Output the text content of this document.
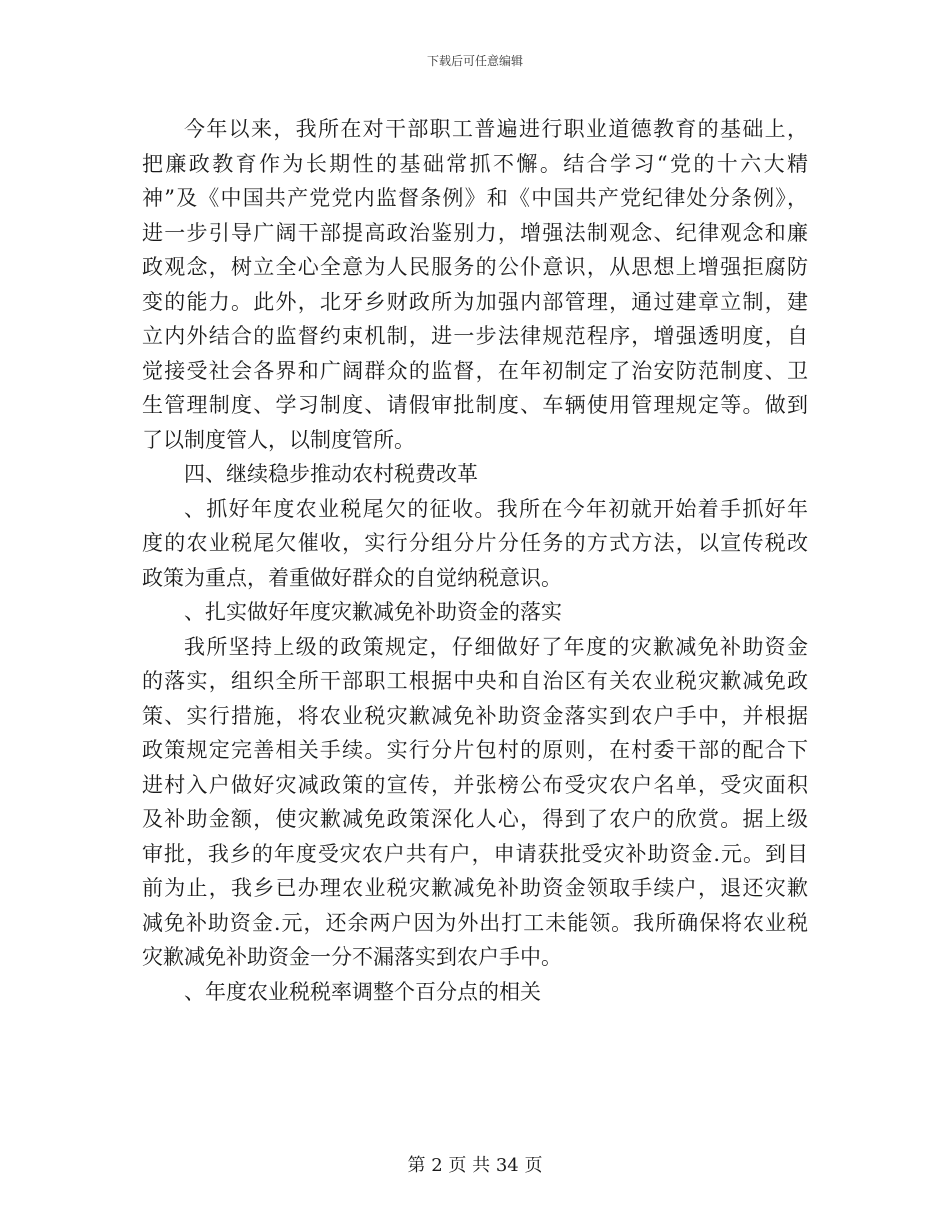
下载后可任意编辑
今年以来，我所在对干部职工普遍进行职业道德教育的基础上，
把廉政教育作为长期性的基础常抓不懈。结合学习“党的十六大精
神”及《中国共产党党内监督条例》和《中国共产党纪律处分条例》，
进一步引导广阔干部提高政治鉴别力，增强法制观念、纪律观念和廉
政观念，树立全心全意为人民服务的公仆意识，从思想上增强拒腐防
变的能力。此外，北牙乡财政所为加强内部管理，通过建章立制，建
立内外结合的监督约束机制，进一步法律规范程序，增强透明度，自
觉接受社会各界和广阔群众的监督，在年初制定了治安防范制度、卫
生管理制度、学习制度、请假审批制度、车辆使用管理规定等。做到
了以制度管人，以制度管所。
四、继续稳步推动农村税费改革
、抓好年度农业税尾欠的征收。我所在今年初就开始着手抓好年
度的农业税尾欠催收，实行分组分片分任务的方式方法，以宣传税改
政策为重点，着重做好群众的自觉纳税意识。
、扎实做好年度灾歉减免补助资金的落实
我所坚持上级的政策规定，仔细做好了年度的灾歉减免补助资金
的落实，组织全所干部职工根据中央和自治区有关农业税灾歉减免政
策、实行措施，将农业税灾歉减免补助资金落实到农户手中，并根据
政策规定完善相关手续。实行分片包村的原则，在村委干部的配合下
进村入户做好灾减政策的宣传，并张榜公布受灾农户名单，受灾面积
及补助金额，使灾歉减免政策深化人心，得到了农户的欣赏。据上级
审批，我乡的年度受灾农户共有户，申请获批受灾补助资金.元。到目
前为止，我乡已办理农业税灾歉减免补助资金领取手续户，退还灾歉
减免补助资金.元，还余两户因为外出打工未能领。我所确保将农业税
灾歉减免补助资金一分不漏落实到农户手中。
、年度农业税税率调整个百分点的相关
第 2 页 共 34 页
